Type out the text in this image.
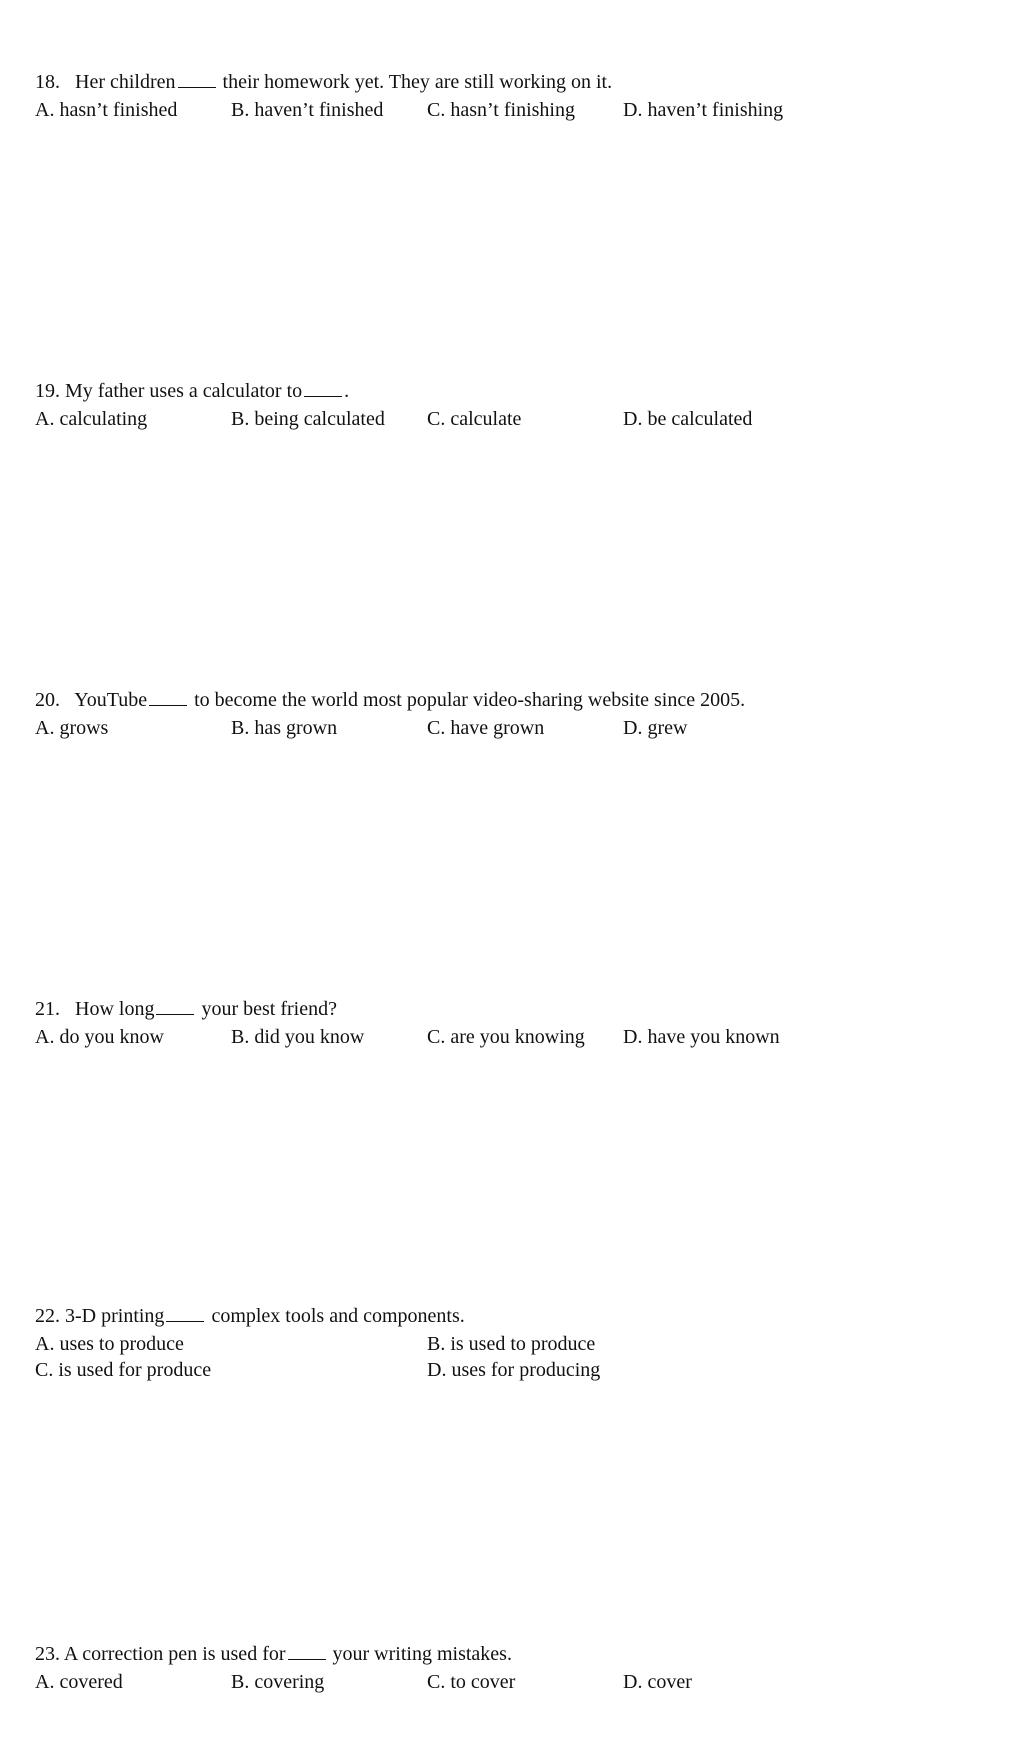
18. Her children their homework yet. They are still working on it.
A. hasn’t finished	B. haven’t finished C. hasn’t finishing D. haven’t finishing
19. My father uses a calculator to .
A. calculating	B. being calculated C. calculate	D. be calculated
20. YouTube to become the world most popular video-sharing website since 2005.
A. grows	B. has grown	C. have grown	D. grew
21. How long your best friend?
A. do you know	B. did you know	C. are you knowing D. have you known
22. 3-D printing complex tools and components.
A. uses to produce	B. is used to produce
C. is used for produce	D. uses for producing
23. A correction pen is used for your writing mistakes.
A. covered	B. covering	C. to cover	D. cover
